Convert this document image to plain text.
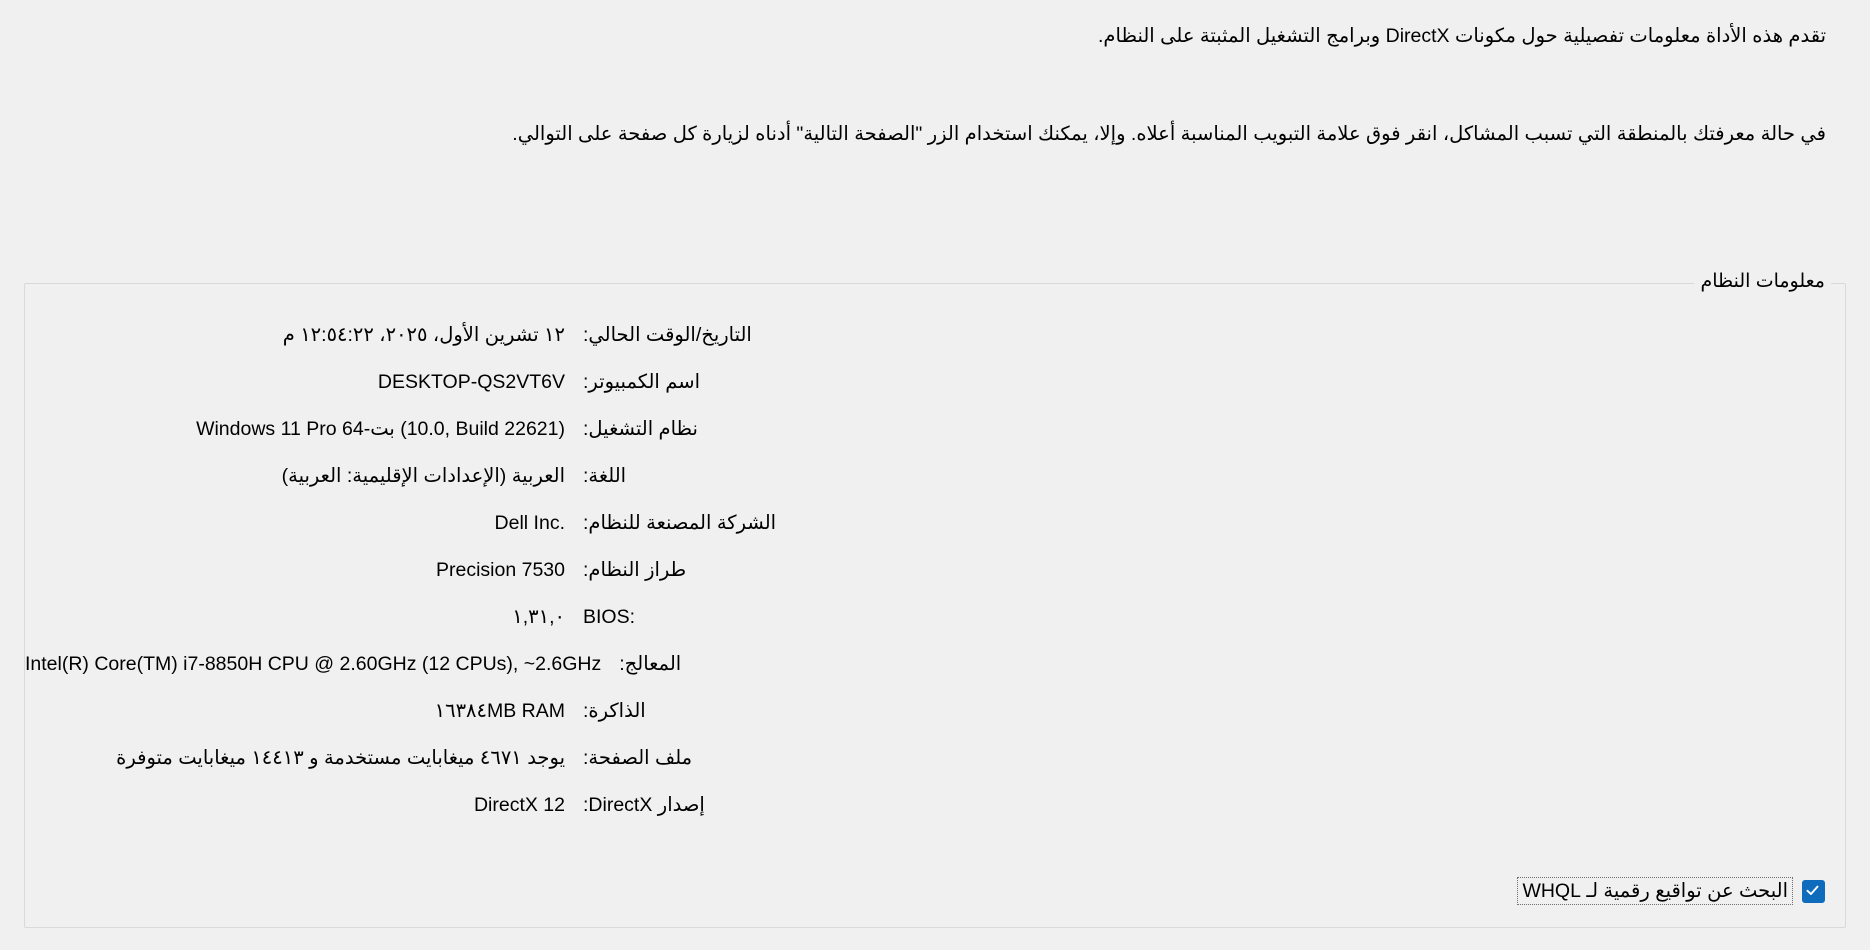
تقدم هذه الأداة معلومات تفصيلية حول مكونات DirectX وبرامج التشغيل المثبتة على النظام.
في حالة معرفتك بالمنطقة التي تسبب المشاكل، انقر فوق علامة التبويب المناسبة أعلاه. وإلا، يمكنك استخدام الزر "الصفحة التالية" أدناه لزيارة كل صفحة على التوالي.
معلومات النظام
التاريخ/الوقت الحالي:
١٢ تشرين الأول، ٢٠٢٥، ١٢:٥٤:٢٢ م
اسم الكمبيوتر:
DESKTOP-QS2VT6V
نظام التشغيل:
Windows 11 Pro 64-بت (10.0, Build 22621)
اللغة:
العربية (الإعدادات الإقليمية: العربية)
الشركة المصنعة للنظام:
Dell Inc.
طراز النظام:
Precision 7530
BIOS:
١,٣١,٠
المعالج:
Intel(R) Core(TM) i7-8850H CPU @ 2.60GHz (12 CPUs), ~2.6GHz
الذاكرة:
١٦٣٨٤MB RAM
ملف الصفحة:
يوجد ٤٦٧١ ميغابايت مستخدمة و ١٤٤١٣ ميغابايت متوفرة
إصدار DirectX:
DirectX 12
البحث عن تواقيع رقمية لـ WHQL
